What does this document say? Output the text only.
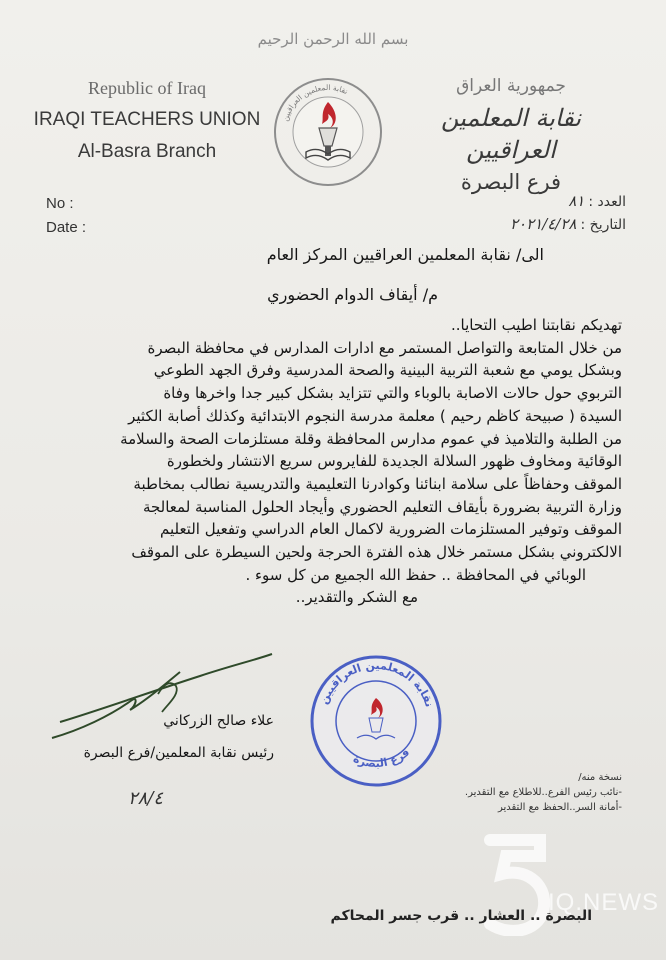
بسم الله الرحمن الرحيم
Republic of Iraq
IRAQI TEACHERS UNION
Al-Basra Branch
نقابة المعلمين العراقيين	جمهورية العراق
نقابة المعلمين العراقيين
فرع البصرة
No :
Date :
العدد :٨١
التاريخ :٢٠٢١/٤/٢٨
الى/ نقابة المعلمين العراقيين المركز العام
م/ أيقاف الدوام الحضوري

تهديكم نقابتنا اطيب التحايا..

من خلال المتابعة والتواصل المستمر مع ادارات المدارس في محافظة البصرة

وبشكل يومي مع شعبة التربية البينية والصحة المدرسية وفرق الجهد الطوعي

التربوي حول حالات الاصابة بالوباء والتي تتزايد بشكل كبير جدا واخرها وفاة

السيدة ( صبيحة كاظم رحيم ) معلمة مدرسة النجوم الابتدائية وكذلك أصابة الكثير

من الطلبة والتلاميذ في عموم مدارس المحافظة وقلة مستلزمات الصحة والسلامة

الوقائية ومخاوف ظهور السلالة الجديدة للفايروس سريع الانتشار ولخطورة

الموقف وحفاظاً على سلامة ابنائنا وكوادرنا التعليمية والتدريسية نطالب بمخاطبة

وزارة التربية بضرورة بأيقاف التعليم الحضوري وأيجاد الحلول المناسبة لمعالجة

الموقف وتوفير المستلزمات الضرورية لاكمال العام الدراسي وتفعيل التعليم

الالكتروني بشكل مستمر خلال هذه الفترة الحرجة ولحين السيطرة على الموقف

الوبائي في المحافظة .. حفظ الله الجميع من كل سوء .

مع الشكر والتقدير..

علاء صالح الزركاني
رئيس نقابة المعلمين/فرع البصرة
٢٨/٤
نقابة المعلمين العراقيين
فرع البصرة
نسخة منه/
-نائب رئيس الفرع..للاطلاع مع التقدير.
-أمانة السر..الحفظ مع التقدير
IQ.NEWS
البصرة .. العشار .. قرب جسر المحاكم
